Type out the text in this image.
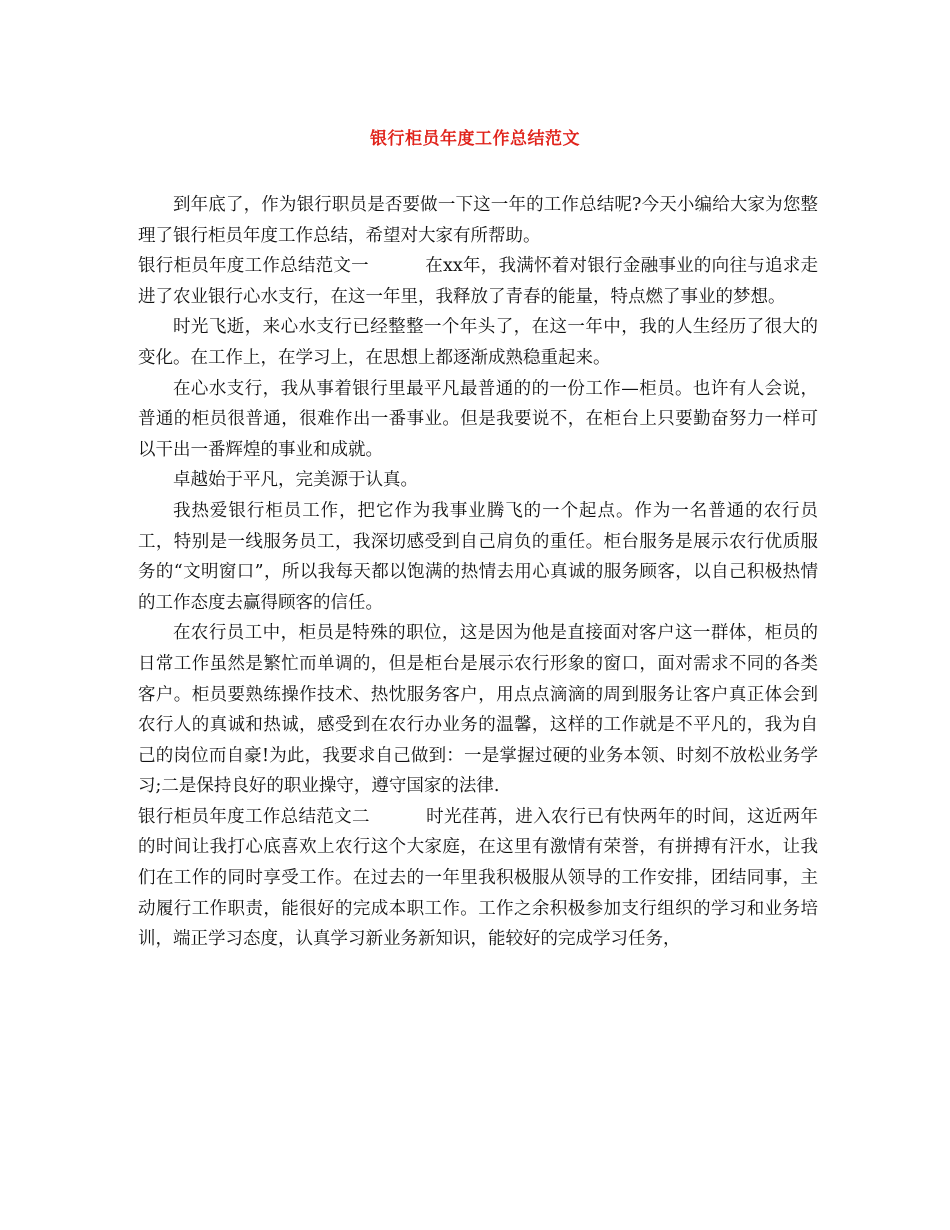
银行柜员年度工作总结范文

到年底了，作为银行职员是否要做一下这一年的工作总结呢?今天小编给大家为您整理了银行柜员年度工作总结，希望对大家有所帮助。

银行柜员年度工作总结范文一	在xx年，我满怀着对银行金融事业的向往与追求走进了农业银行心水支行，在这一年里，我释放了青春的能量，特点燃了事业的梦想。

时光飞逝，来心水支行已经整整一个年头了，在这一年中，我的人生经历了很大的变化。在工作上，在学习上，在思想上都逐渐成熟稳重起来。

在心水支行，我从事着银行里最平凡最普通的的一份工作—柜员。也许有人会说，普通的柜员很普通，很难作出一番事业。但是我要说不，在柜台上只要勤奋努力一样可以干出一番辉煌的事业和成就。

卓越始于平凡，完美源于认真。

我热爱银行柜员工作，把它作为我事业腾飞的一个起点。作为一名普通的农行员工，特别是一线服务员工，我深切感受到自己肩负的重任。柜台服务是展示农行优质服务的“文明窗口”，所以我每天都以饱满的热情去用心真诚的服务顾客，以自己积极热情的工作态度去赢得顾客的信任。

在农行员工中，柜员是特殊的职位，这是因为他是直接面对客户这一群体，柜员的日常工作虽然是繁忙而单调的，但是柜台是展示农行形象的窗口，面对需求不同的各类客户。柜员要熟练操作技术、热忱服务客户，用点点滴滴的周到服务让客户真正体会到农行人的真诚和热诚，感受到在农行办业务的温馨，这样的工作就是不平凡的，我为自己的岗位而自豪!为此，我要求自己做到：一是掌握过硬的业务本领、时刻不放松业务学习;二是保持良好的职业操守，遵守国家的法律.

银行柜员年度工作总结范文二	时光荏苒，进入农行已有快两年的时间，这近两年的时间让我打心底喜欢上农行这个大家庭，在这里有激情有荣誉，有拼搏有汗水，让我们在工作的同时享受工作。在过去的一年里我积极服从领导的工作安排，团结同事，主动履行工作职责，能很好的完成本职工作。工作之余积极参加支行组织的学习和业务培训，端正学习态度，认真学习新业务新知识，能较好的完成学习任务，
